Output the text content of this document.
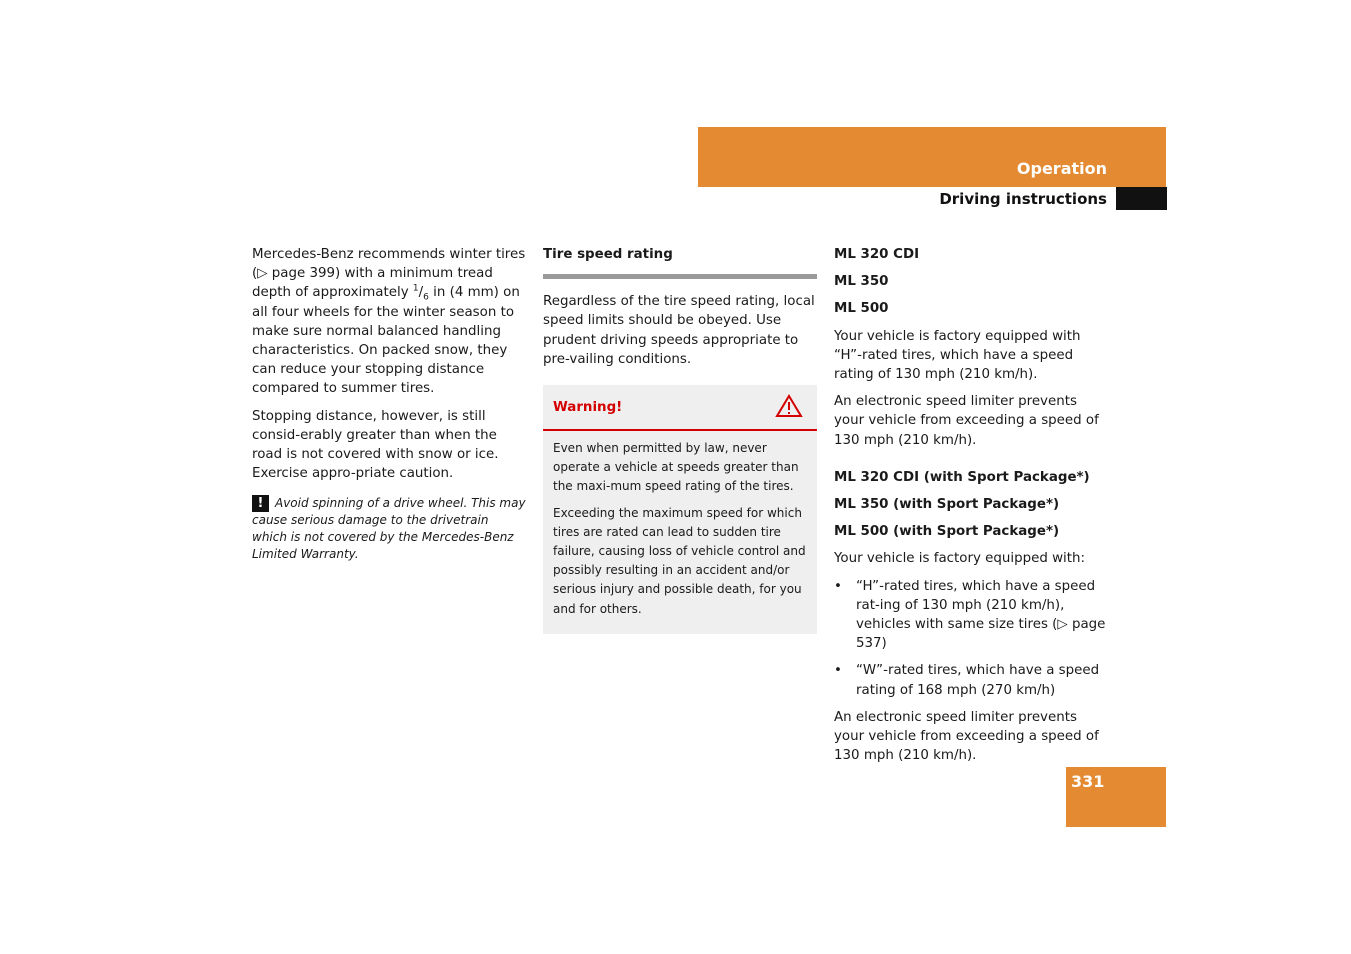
Operation
Driving instructions

Mercedes-Benz recommends winter tires (▷ page 399) with a minimum tread depth of approximately $^1/_6$ in (4 mm) on all four wheels for the winter season to make sure normal balanced handling characteristics. On packed snow, they can reduce your stopping distance compared to summer tires.

Stopping distance, however, is still consid-erably greater than when the road is not covered with snow or ice. Exercise appro-priate caution.

! Avoid spinning of a drive wheel. This may cause serious damage to the drivetrain which is not covered by the Mercedes-Benz Limited Warranty.

Tire speed rating

Regardless of the tire speed rating, local speed limits should be obeyed. Use prudent driving speeds appropriate to pre-vailing conditions.

Warning!

Even when permitted by law, never operate a vehicle at speeds greater than the maxi-mum speed rating of the tires.

Exceeding the maximum speed for which tires are rated can lead to sudden tire failure, causing loss of vehicle control and possibly resulting in an accident and/or serious injury and possible death, for you and for others.

ML 320 CDI

ML 350

ML 500

Your vehicle is factory equipped with “H”-rated tires, which have a speed rating of 130 mph (210 km/h).

An electronic speed limiter prevents your vehicle from exceeding a speed of 130 mph (210 km/h).

ML 320 CDI (with Sport Package*)

ML 350 (with Sport Package*)

ML 500 (with Sport Package*)

Your vehicle is factory equipped with:

• “H”-rated tires, which have a speed rat-ing of 130 mph (210 km/h), vehicles with same size tires (▷ page 537)
• “W”-rated tires, which have a speed rating of 168 mph (270 km/h)

An electronic speed limiter prevents your vehicle from exceeding a speed of 130 mph (210 km/h).

331
